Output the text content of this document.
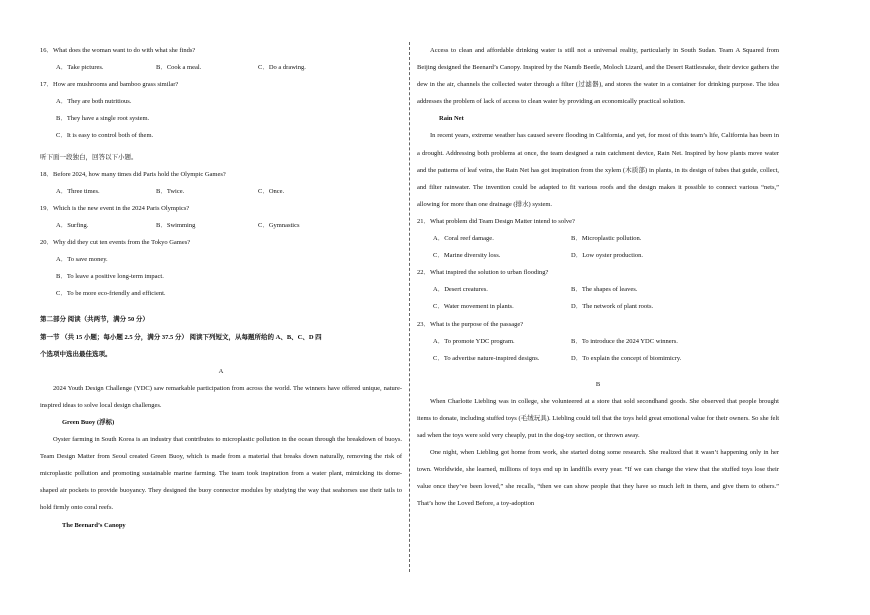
16．What does the woman want to do with what she finds?
A．Take pictures.	B．Cook a meal.	C．Do a drawing.
17．How are mushrooms and bamboo grass similar?
A．They are both nutritious.
B．They have a single root system.
C．It is easy to control both of them.
听下面一段独白，回答以下小题。
18．Before 2024, how many times did Paris hold the Olympic Games?
A．Three times.	B．Twice.	C．Once.
19．Which is the new event in the 2024 Paris Olympics?
A．Surfing.	B．Swimming	C．Gymnastics
20．Why did they cut ten events from the Tokyo Games?
A．To save money.
B．To leave a positive long-term impact.
C．To be more eco-friendly and efficient.
第二部分 阅读（共两节，满分 50 分）
第一节 （共 15 小题；每小题 2.5 分，满分 37.5 分） 阅读下列短文，从每题所给的 A、B、C、D 四
个选项中选出最佳选项。
A

2024 Youth Design Challenge (YDC) saw remarkable participation from across the world. The winners have offered unique, nature-inspired ideas to solve local design challenges.

Green Buoy (浮标)

Oyster farming in South Korea is an industry that contributes to microplastic pollution in the ocean through the breakdown of buoys. Team Design Matter from Seoul created Green Buoy, which is made from a material that breaks down naturally, removing the risk of microplastic pollution and promoting sustainable marine farming. The team took inspiration from a water plant, mimicking its dome-shaped air pockets to provide buoyancy. They designed the buoy connector modules by studying the way that seahorses use their tails to hold firmly onto coral reefs.

The Beenard’s Canopy

Access to clean and affordable drinking water is still not a universal reality, particularly in South Sudan. Team A Squared from Beijing designed the Beenard’s Canopy. Inspired by the Namib Beetle, Moloch Lizard, and the Desert Rattlesnake, their device gathers the dew in the air, channels the collected water through a filter (过滤器), and stores the water in a container for drinking purpose. The idea addresses the problem of lack of access to clean water by providing an economically practical solution.

Rain Net

In recent years, extreme weather has caused severe flooding in California, and yet, for most of this team’s life, California has been in a drought. Addressing both problems at once, the team designed a rain catchment device, Rain Net. Inspired by how plants move water and the patterns of leaf veins, the Rain Net has got inspiration from the xylem (木质部) in plants, in its design of tubes that guide, collect, and filter rainwater. The invention could be adapted to fit various roofs and the design makes it possible to connect various “nets,” allowing for more than one drainage (排水) system.

21．What problem did Team Design Matter intend to solve?
A．Coral reef damage.	B．Microplastic pollution.
C．Marine diversity loss.	D．Low oyster production.
22．What inspired the solution to urban flooding?
A．Desert creatures.	B．The shapes of leaves.
C．Water movement in plants.	D．The network of plant roots.
23．What is the purpose of the passage?
A．To promote YDC program.	B．To introduce the 2024 YDC winners.
C．To advertise nature-inspired designs.	D．To explain the concept of biomimicry.
B

When Charlotte Liebling was in college, she volunteered at a store that sold secondhand goods. She observed that people brought items to donate, including stuffed toys (毛绒玩具). Liebling could tell that the toys held great emotional value for their owners. So she felt sad when the toys were sold very cheaply, put in the dog-toy section, or thrown away.

One night, when Liebling got home from work, she started doing some research. She realized that it wasn’t happening only in her town. Worldwide, she learned, millions of toys end up in landfills every year. “If we can change the view that the stuffed toys lose their value once they’ve been loved,” she recalls, “then we can show people that they have so much left in them, and give them to others.” That’s how the Loved Before, a toy-adoption
